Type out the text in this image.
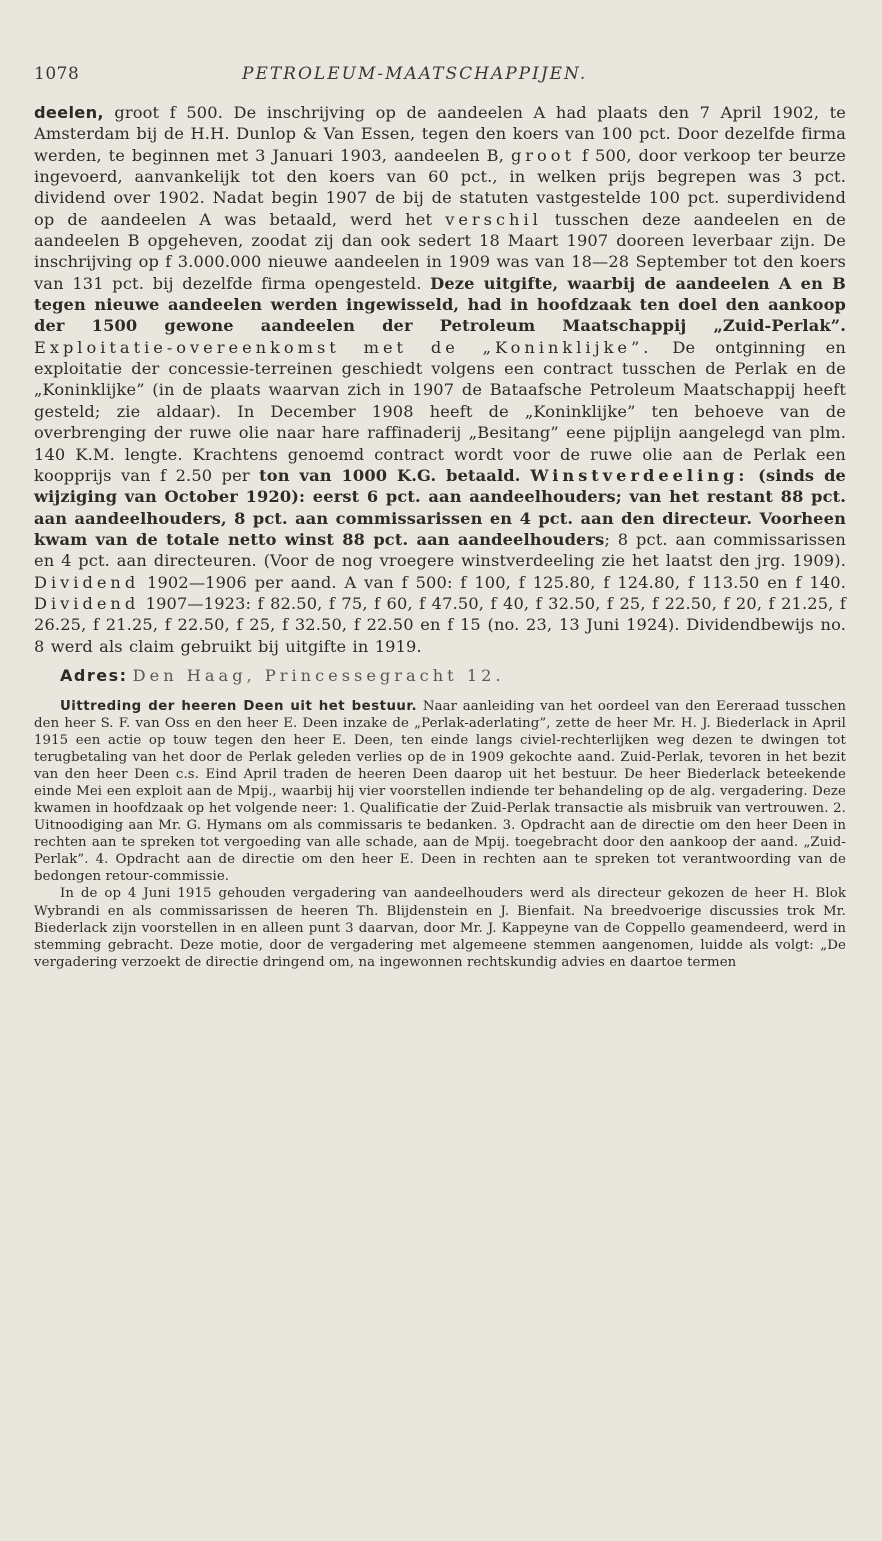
1078	PETROLEUM-MAATSCHAPPIJEN.
deelen, groot f 500. De inschrijving op de aandeelen A had plaats den 7 April 1902, te Amsterdam bij de H.H. Dunlop & Van Essen, tegen den koers van 100 pct. Door dezelfde firma werden, te beginnen met 3 Januari 1903, aandeelen B, groot f 500, door verkoop ter beurze ingevoerd, aanvankelijk tot den koers van 60 pct., in welken prijs begrepen was 3 pct. dividend over 1902. Nadat begin 1907 de bij de statuten vastgestelde 100 pct. superdividend op de aandeelen A was betaald, werd het verschil tusschen deze aandeelen en de aandeelen B opgeheven, zoodat zij dan ook sedert 18 Maart 1907 dooreen leverbaar zijn. De inschrijving op f 3.000.000 nieuwe aandeelen in 1909 was van 18—28 September tot den koers van 131 pct. bij dezelfde firma opengesteld. Deze uitgifte, waarbij de aandeelen A en B tegen nieuwe aandeelen werden ingewisseld, had in hoofdzaak ten doel den aankoop der 1500 gewone aandeelen der Petroleum Maatschappij „Zuid-Perlak”. Exploitatie-overeenkomst met de „Koninklijke”. De ontginning en exploitatie der concessie-terreinen geschiedt volgens een contract tusschen de Perlak en de „Koninklijke” (in de plaats waarvan zich in 1907 de Bataafsche Petroleum Maatschappij heeft gesteld; zie aldaar). In December 1908 heeft de „Koninklijke” ten behoeve van de overbrenging der ruwe olie naar hare raffinaderij „Besitang” eene pijplijn aangelegd van plm. 140 K.M. lengte. Krachtens genoemd contract wordt voor de ruwe olie aan de Perlak een koopprijs van f 2.50 per ton van 1000 K.G. betaald. Winstverdeeling: (sinds de wijziging van October 1920): eerst 6 pct. aan aandeelhouders; van het restant 88 pct. aan aandeelhouders, 8 pct. aan commissarissen en 4 pct. aan den directeur. Voorheen kwam van de totale netto winst 88 pct. aan aandeelhouders; 8 pct. aan commissarissen en 4 pct. aan directeuren. (Voor de nog vroegere winstverdeeling zie het laatst den jrg. 1909). Dividend 1902—1906 per aand. A van f 500: f 100, f 125.80, f 124.80, f 113.50 en f 140. Dividend 1907—1923: f 82.50, f 75, f 60, f 47.50, f 40, f 32.50, f 25, f 22.50, f 20, f 21.25, f 26.25, f 21.25, f 22.50, f 25, f 32.50, f 22.50 en f 15 (no. 23, 13 Juni 1924). Dividendbewijs no. 8 werd als claim gebruikt bij uitgifte in 1919.
Adres: Den Haag, Princessegracht 12.

Uittreding der heeren Deen uit het bestuur. Naar aanleiding van het oordeel van den Eereraad tusschen den heer S. F. van Oss en den heer E. Deen inzake de „Perlak-aderlating”, zette de heer Mr. H. J. Biederlack in April 1915 een actie op touw tegen den heer E. Deen, ten einde langs civiel-rechterlijken weg dezen te dwingen tot terugbetaling van het door de Perlak geleden verlies op de in 1909 gekochte aand. Zuid-Perlak, tevoren in het bezit van den heer Deen c.s. Eind April traden de heeren Deen daarop uit het bestuur. De heer Biederlack beteekende einde Mei een exploit aan de Mpij., waarbij hij vier voorstellen indiende ter behandeling op de alg. vergadering. Deze kwamen in hoofdzaak op het volgende neer: 1. Qualificatie der Zuid-Perlak transactie als misbruik van vertrouwen. 2. Uitnoodiging aan Mr. G. Hymans om als commissaris te bedanken. 3. Opdracht aan de directie om den heer Deen in rechten aan te spreken tot vergoeding van alle schade, aan de Mpij. toegebracht door den aankoop der aand. „Zuid-Perlak”. 4. Opdracht aan de directie om den heer E. Deen in rechten aan te spreken tot verantwoording van de bedongen retour-commissie.

In de op 4 Juni 1915 gehouden vergadering van aandeelhouders werd als directeur gekozen de heer H. Blok Wybrandi en als commissarissen de heeren Th. Blijdenstein en J. Bienfait. Na breedvoerige discussies trok Mr. Biederlack zijn voorstellen in en alleen punt 3 daarvan, door Mr. J. Kappeyne van de Coppello geamendeerd, werd in stemming gebracht. Deze motie, door de vergadering met algemeene stemmen aangenomen, luidde als volgt: „De vergadering verzoekt de directie dringend om, na ingewonnen rechtskundig advies en daartoe termen
